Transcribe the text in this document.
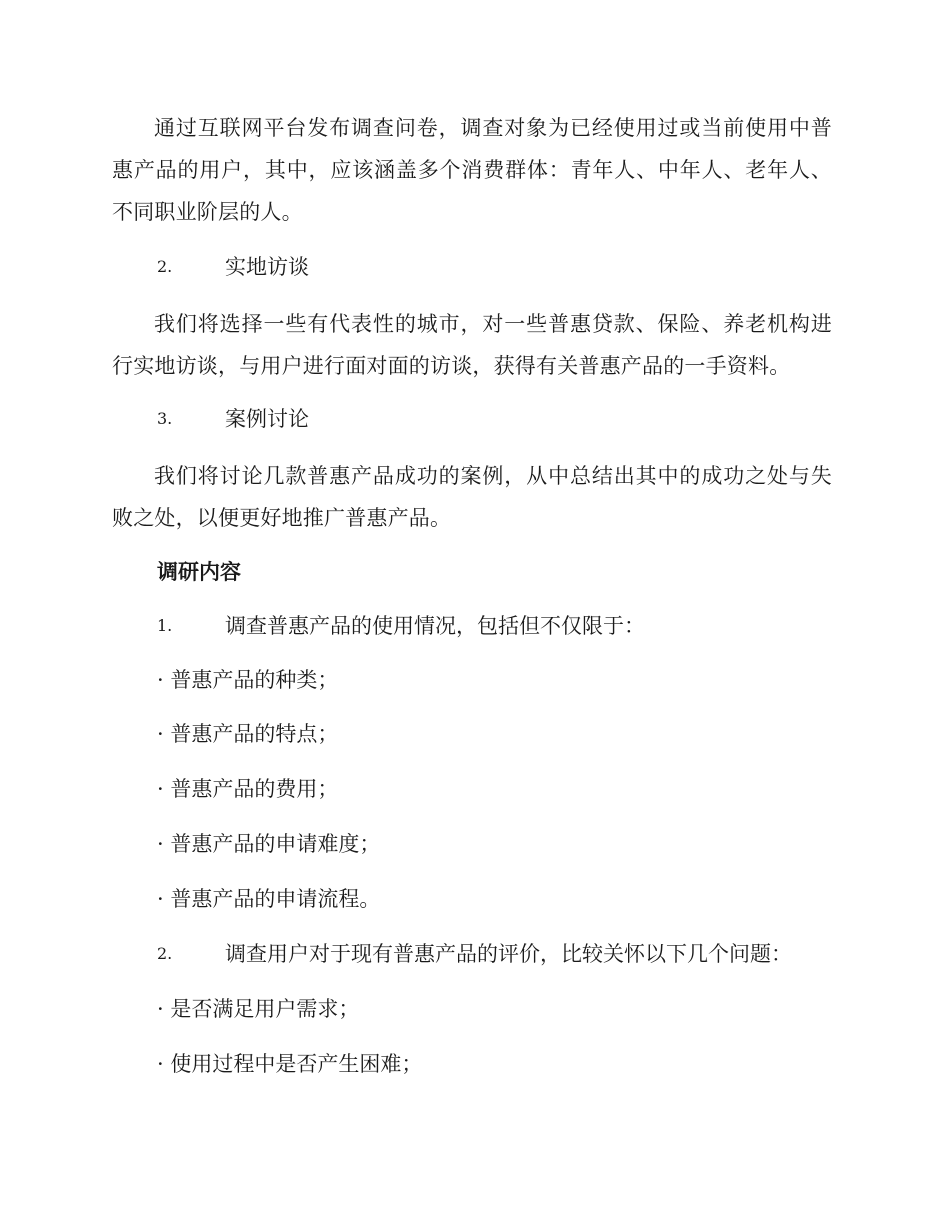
通过互联网平台发布调查问卷，调查对象为已经使用过或当前使用中普惠产品的用户，其中，应该涵盖多个消费群体：青年人、中年人、老年人、不同职业阶层的人。

2.	实地访谈

我们将选择一些有代表性的城市，对一些普惠贷款、保险、养老机构进行实地访谈，与用户进行面对面的访谈，获得有关普惠产品的一手资料。

3.	案例讨论

我们将讨论几款普惠产品成功的案例，从中总结出其中的成功之处与失败之处，以便更好地推广普惠产品。

调研内容
1.	调查普惠产品的使用情况，包括但不仅限于：
· 普惠产品的种类；
· 普惠产品的特点；
· 普惠产品的费用；
· 普惠产品的申请难度；
· 普惠产品的申请流程。
2.	调查用户对于现有普惠产品的评价，比较关怀以下几个问题：
· 是否满足用户需求；
· 使用过程中是否产生困难；
